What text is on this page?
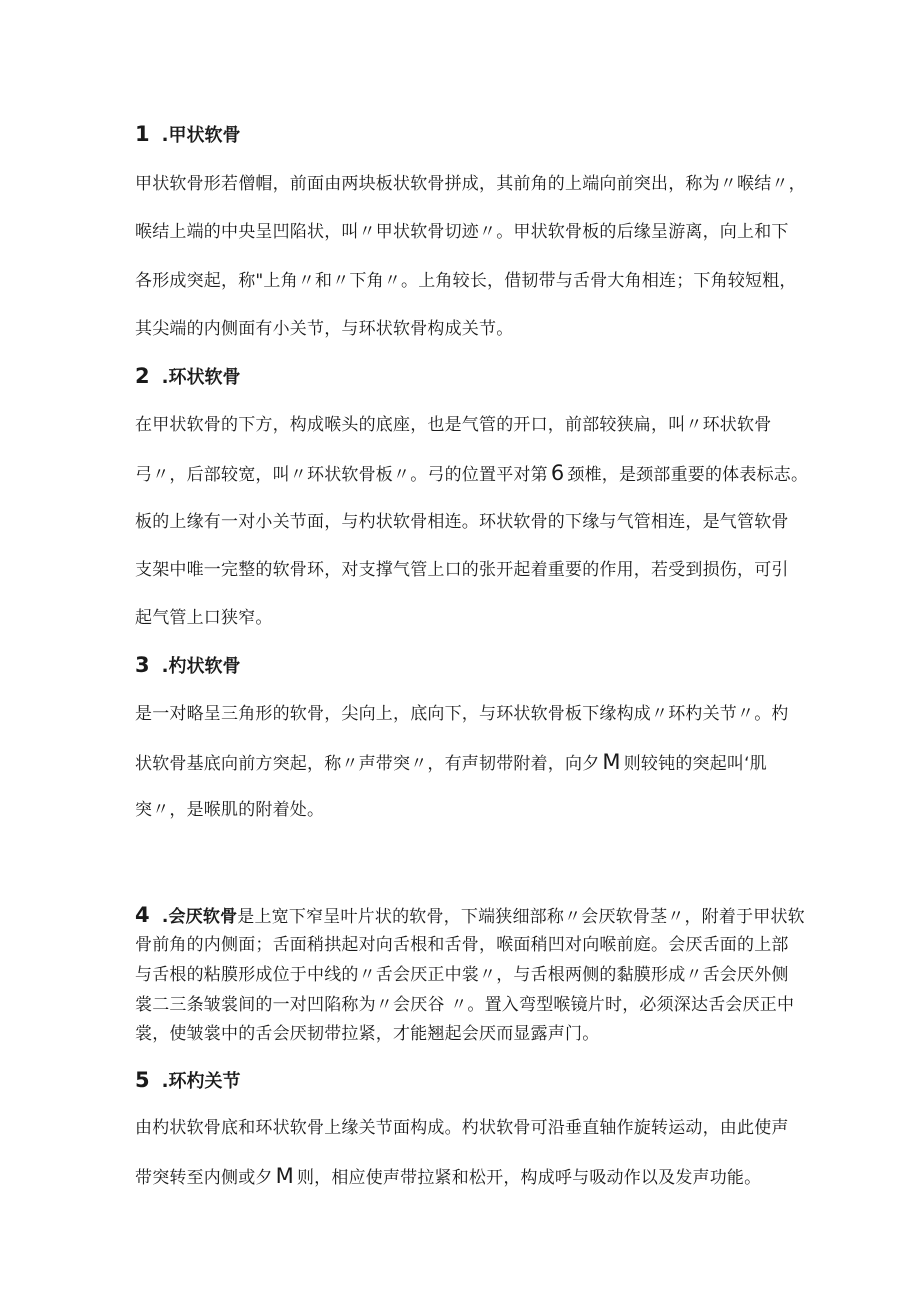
1 .甲状软骨
甲状软骨形若僧帽，前面由两块板状软骨拼成，其前角的上端向前突出，称为〃喉结〃，
喉结上端的中央呈凹陷状，叫〃甲状软骨切迹〃。甲状软骨板的后缘呈游离，向上和下
各形成突起，称"上角〃和〃下角〃。上角较长，借韧带与舌骨大角相连；下角较短粗，
其尖端的内侧面有小关节，与环状软骨构成关节。
2 .环状软骨
在甲状软骨的下方，构成喉头的底座，也是气管的开口，前部较狭扁，叫〃环状软骨
弓〃，后部较宽，叫〃环状软骨板〃。弓的位置平对第 6 颈椎，是颈部重要的体表标志。
板的上缘有一对小关节面，与杓状软骨相连。环状软骨的下缘与气管相连，是气管软骨
支架中唯一完整的软骨环，对支撑气管上口的张开起着重要的作用，若受到损伤，可引
起气管上口狭窄。
3 .杓状软骨
是一对略呈三角形的软骨，尖向上，底向下，与环状软骨板下缘构成〃环杓关节〃。杓
状软骨基底向前方突起，称〃声带突〃，有声韧带附着，向夕 M 则较钝的突起叫‘肌
突〃，是喉肌的附着处。
4 .会厌软骨是上宽下窄呈叶片状的软骨，下端狭细部称〃会厌软骨茎〃，附着于甲状软
骨前角的内侧面；舌面稍拱起对向舌根和舌骨，喉面稍凹对向喉前庭。会厌舌面的上部
与舌根的粘膜形成位于中线的〃舌会厌正中裳〃，与舌根两侧的黏膜形成〃舌会厌外侧
裳二三条皱裳间的一对凹陷称为〃会厌谷 〃。置入弯型喉镜片时，必须深达舌会厌正中
裳，使皱裳中的舌会厌韧带拉紧，才能翘起会厌而显露声门。
5 .环杓关节
由杓状软骨底和环状软骨上缘关节面构成。杓状软骨可沿垂直轴作旋转运动，由此使声
带突转至内侧或夕 M 则，相应使声带拉紧和松开，构成呼与吸动作以及发声功能。
